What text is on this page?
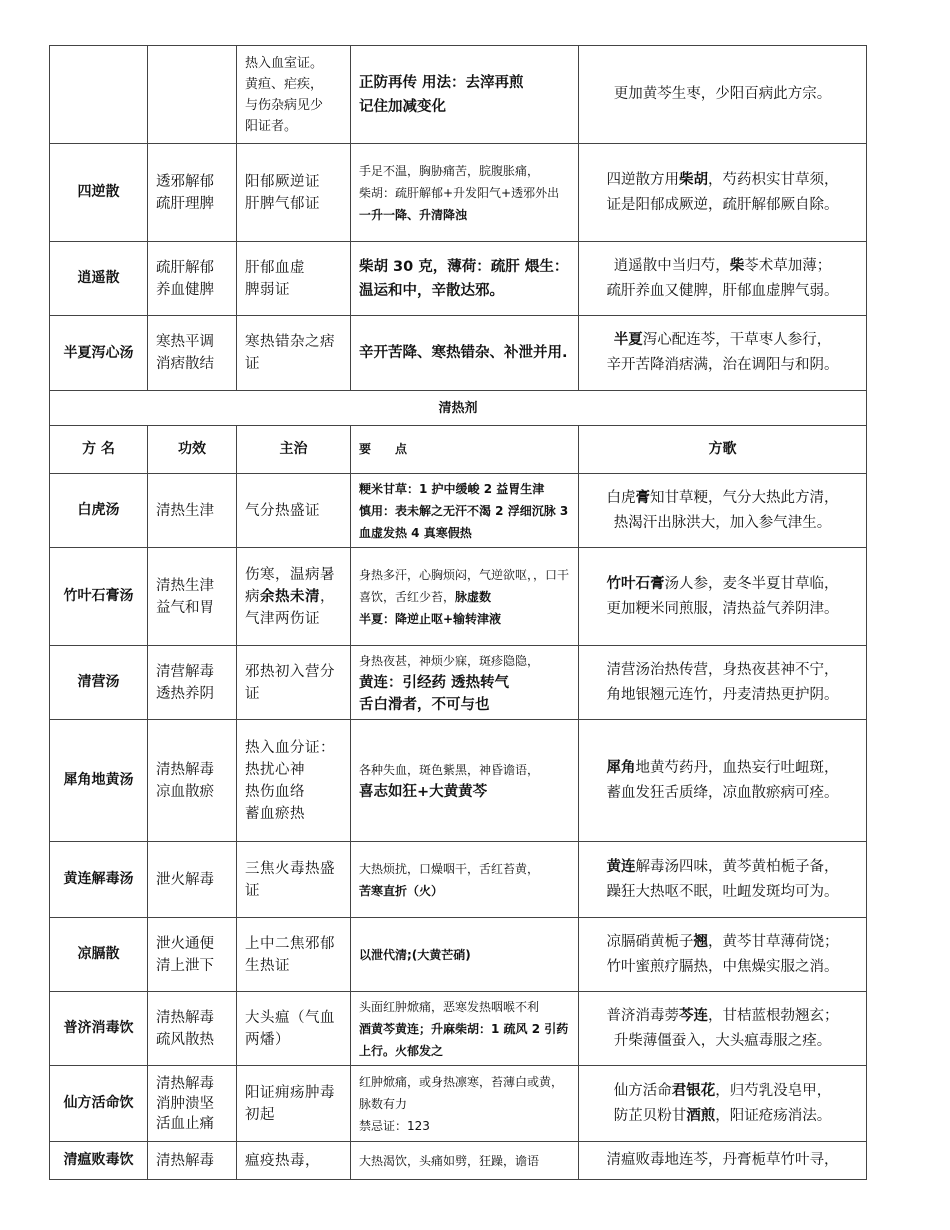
		热入血室证。
黄疸、疟疾，
与伤杂病见少
阳证者。	正防再传 用法：去滓再煎
记住加减变化	更加黄芩生枣，少阳百病此方宗。
四逆散	透邪解郁
疏肝理脾	阳郁厥逆证
肝脾气郁证	手足不温，胸胁痛苦，脘腹胀痛，
柴胡：疏肝解郁+升发阳气+透邪外出
一升一降、升清降浊	四逆散方用柴胡，芍药枳实甘草须，
证是阳郁成厥逆，疏肝解郁厥自除。

逍遥散	疏肝解郁
养血健脾	肝郁血虚
脾弱证	柴胡 30 克，薄荷：疏肝 煨生：温运和中，辛散达邪。	逍遥散中当归芍，柴苓术草加薄；
疏肝养血又健脾，肝郁血虚脾气弱。

半夏泻心汤	寒热平调
消痞散结	寒热错杂之痞证	辛开苦降、寒热错杂、补泄并用.	半夏泻心配连芩，干草枣人参行，
辛开苦降消痞满，治在调阳与和阴。

清热剂				
方 名	功效	主治	要　　点	方歌
白虎汤	清热生津	气分热盛证	粳米甘草：1 护中缓峻 2 益胃生津
慎用：表未解之无汗不渴 2 浮细沉脉 3 血虚发热 4 真寒假热	白虎膏知甘草粳，气分大热此方清，
热渴汗出脉洪大，加入参气津生。

竹叶石膏汤	清热生津
益气和胃	伤寒，温病暑病余热未清，气津两伤证	身热多汗，心胸烦闷，气逆欲呕，，口干喜饮，舌红少苔，脉虚数
半夏：降逆止呕+输转津液	竹叶石膏汤人参，麦冬半夏甘草临，
更加粳米同煎服，清热益气养阴津。

清营汤	清营解毒
透热养阴	邪热初入营分证	身热夜甚，神烦少寐，斑疹隐隐，
黄连：引经药 透热转气
舌白滑者，不可与也	清营汤治热传营，身热夜甚神不宁，
角地银翘元连竹，丹麦清热更护阴。

犀角地黄汤	清热解毒
凉血散瘀	热入血分证：热扰心神
热伤血络
蓄血瘀热	各种失血，斑色紫黑，神昏谵语，
喜志如狂+大黄黄芩	犀角地黄芍药丹，血热妄行吐衄斑，
蓄血发狂舌质绛，凉血散瘀病可痊。

黄连解毒汤	泄火解毒	三焦火毒热盛证	大热烦扰，口燥咽干，舌红苔黄，
苦寒直折（火）	黄连解毒汤四味，黄芩黄柏栀子备，
躁狂大热呕不眠，吐衄发斑均可为。

凉膈散	泄火通便
清上泄下	上中二焦邪郁生热证	以泄代清;(大黄芒硝)	凉膈硝黄栀子翘，黄芩甘草薄荷饶；
竹叶蜜煎疗膈热，中焦燥实服之消。

普济消毒饮	清热解毒
疏风散热	大头瘟（气血两燔）	头面红肿焮痛，恶寒发热咽喉不利
酒黄芩黄连；升麻柴胡：1 疏风 2 引药上行。火郁发之	普济消毒蒡芩连，甘桔蓝根勃翘玄；
升柴薄僵蚕入，大头瘟毒服之痊。

仙方活命饮	清热解毒
消肿溃坚
活血止痛	阳证痈疡肿毒初起	红肿焮痛，或身热凛寒，苔薄白或黄，脉数有力
禁忌证：123	仙方活命君银花，归芍乳没皂甲，
防芷贝粉甘酒煎，阳证疮疡消法。

清瘟败毒饮	清热解毒	瘟疫热毒，	大热渴饮，头痛如劈，狂躁，谵语	清瘟败毒地连芩，丹膏栀草竹叶寻，
